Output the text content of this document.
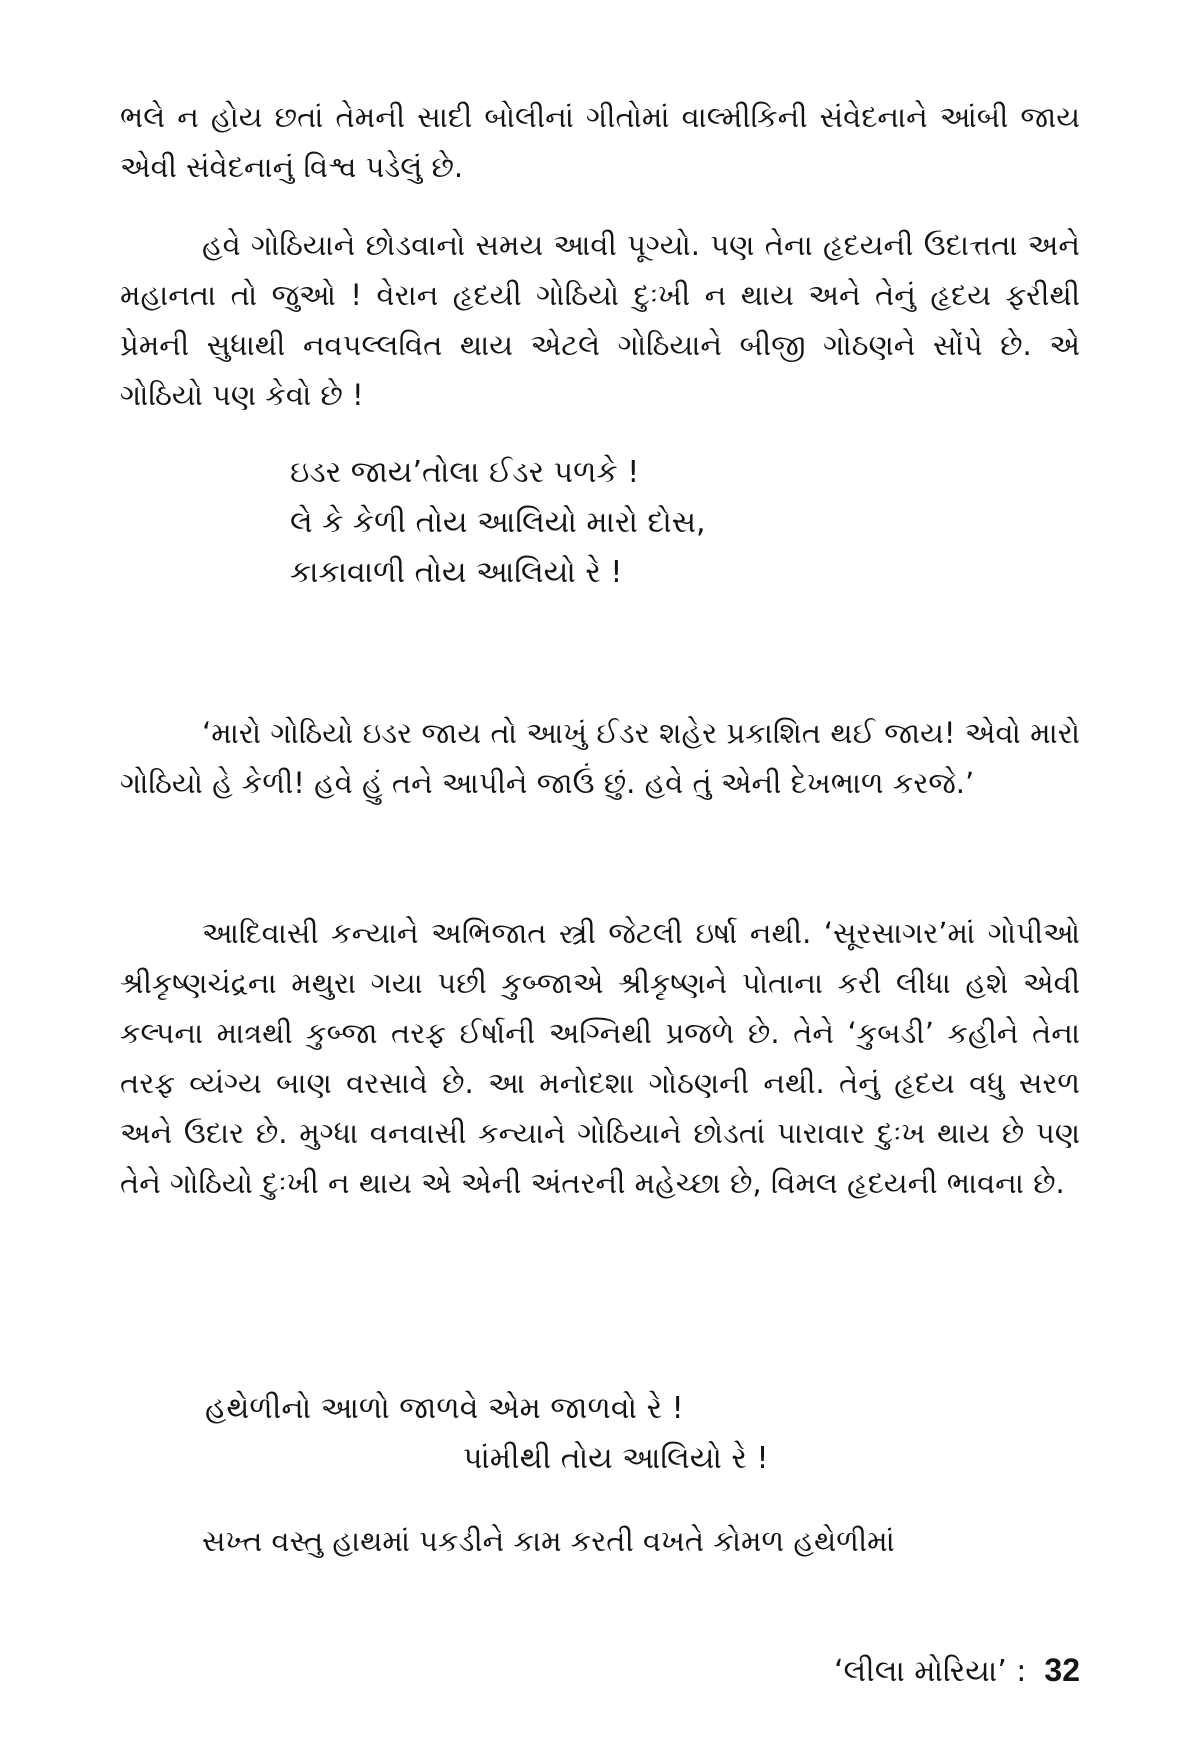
ભલે ન હોય છતાં તેમની સાદી બોલીનાં ગીતોમાં વાલ્મીકિની સંવેદનાને આંબી જાય એવી સંવેદનાનું વિશ્વ પડેલું છે.

હવે ગોઠિયાને છોડવાનો સમય આવી પૂગ્યો. પણ તેના હૃદયની ઉદાત્તતા અને મહાનતા તો જુઓ ! વેરાન હૃદયી ગોઠિયો દુઃખી ન થાય અને તેનું હૃદય ફરીથી પ્રેમની સુધાથી નવપલ્લવિત થાય એટલે ગોઠિયાને બીજી ગોઠણને સોંપે છે. એ ગોઠિયો પણ કેવો છે !

ઇડર જાય’તોલા ઈડર પળકે !
લે કે કેળી તોય આલિયો મારો દોસ,
કાકાવાળી તોય આલિયો રે !

‘મારો ગોઠિયો ઇડર જાય તો આખું ઈડર શહેર પ્રકાશિત થઈ જાય! એવો મારો ગોઠિયો હે કેળી! હવે હું તને આપીને જાઉં છું. હવે તું એની દેખભાળ કરજે.’

આદિવાસી કન્યાને અભિજાત સ્ત્રી જેટલી ઇર્ષા નથી. ‘સૂરસાગર’માં ગોપીઓ શ્રીકૃષ્ણચંદ્રના મથુરા ગયા પછી કુબ્જાએ શ્રીકૃષ્ણને પોતાના કરી લીધા હશે એવી કલ્પના માત્રથી કુબ્જા તરફ ઈર્ષાની અગ્નિથી પ્રજળે છે. તેને ‘કુબડી’ કહીને તેના તરફ વ્યંગ્ય બાણ વરસાવે છે. આ મનોદશા ગોઠણની નથી. તેનું હૃદય વધુ સરળ અને ઉદાર છે. મુગ્ધા વનવાસી કન્યાને ગોઠિયાને છોડતાં પારાવાર દુઃખ થાય છે પણ તેને ગોઠિયો દુઃખી ન થાય એ એની અંતરની મહેચ્છા છે, વિમલ હૃદયની ભાવના છે.

હથેળીનો આળો જાળવે એમ જાળવો રે !
પાંમીથી તોય આલિયો રે !

સખ્ત વસ્તુ હાથમાં પકડીને કામ કરતી વખતે કોમળ હથેળીમાં

‘લીલા મોરિયા’ : 32
